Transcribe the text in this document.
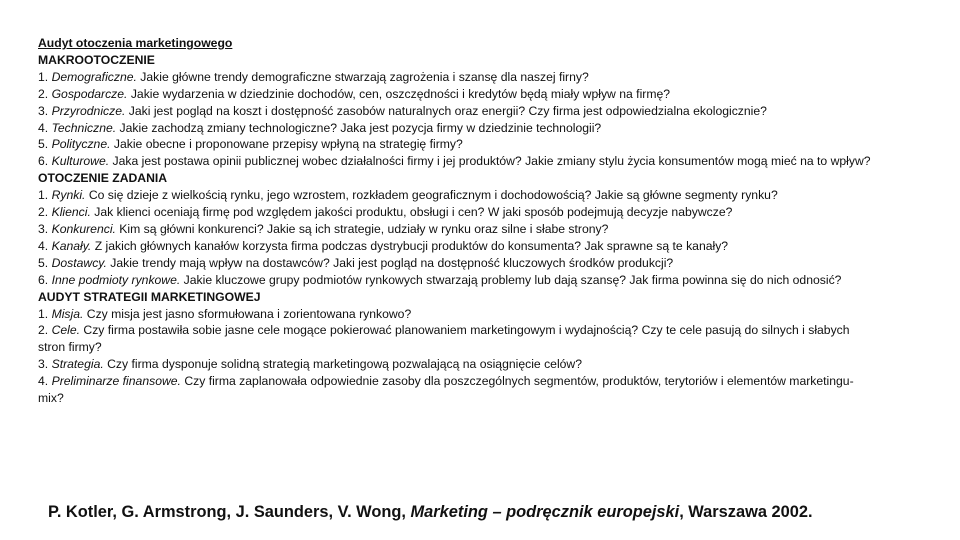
Audyt otoczenia marketingowego
MAKROOTOCZENIE
1. Demograficzne. Jakie główne trendy demograficzne stwarzają zagrożenia i szansę dla naszej firny?
2. Gospodarcze. Jakie wydarzenia w dziedzinie dochodów, cen, oszczędności i kredytów będą miały wpływ na firmę?
3. Przyrodnicze. Jaki jest pogląd na koszt i dostępność zasobów naturalnych oraz energii? Czy firma jest odpowiedzialna ekologicznie?
4. Techniczne. Jakie zachodzą zmiany technologiczne? Jaka jest pozycja firmy w dziedzinie technologii?
5. Polityczne. Jakie obecne i proponowane przepisy wpłyną na strategię firmy?
6. Kulturowe. Jaka jest postawa opinii publicznej wobec działalności firmy i jej produktów? Jakie zmiany stylu życia konsumentów mogą mieć na to wpływ?
OTOCZENIE ZADANIA
1. Rynki. Co się dzieje z wielkością rynku, jego wzrostem, rozkładem geograficznym i dochodowością? Jakie są główne segmenty rynku?
2. Klienci. Jak klienci oceniają firmę pod względem jakości produktu, obsługi i cen? W jaki sposób podejmują decyzje nabywcze?
3. Konkurenci. Kim są główni konkurenci? Jakie są ich strategie, udziały w rynku oraz silne i słabe strony?
4. Kanały. Z jakich głównych kanałów korzysta firma podczas dystrybucji produktów do konsumenta? Jak sprawne są te kanały?
5. Dostawcy. Jakie trendy mają wpływ na dostawców? Jaki jest pogląd na dostępność kluczowych środków produkcji?
6. Inne podmioty rynkowe. Jakie kluczowe grupy podmiotów rynkowych stwarzają problemy lub dają szansę? Jak firma powinna się do nich odnosić?
AUDYT STRATEGII MARKETINGOWEJ
1. Misja. Czy misja jest jasno sformułowana i zorientowana rynkowo?
2. Cele. Czy firma postawiła sobie jasne cele mogące pokierować planowaniem marketingowym i wydajnością? Czy te cele pasują do silnych i słabych stron firmy?
3. Strategia. Czy firma dysponuje solidną strategią marketingową pozwalającą na osiągnięcie celów?
4. Preliminarze finansowe. Czy firma zaplanowała odpowiednie zasoby dla poszczególnych segmentów, produktów, terytoriów i elementów marketingu-mix?
P. Kotler, G. Armstrong, J. Saunders, V. Wong, Marketing – podręcznik europejski, Warszawa 2002.
